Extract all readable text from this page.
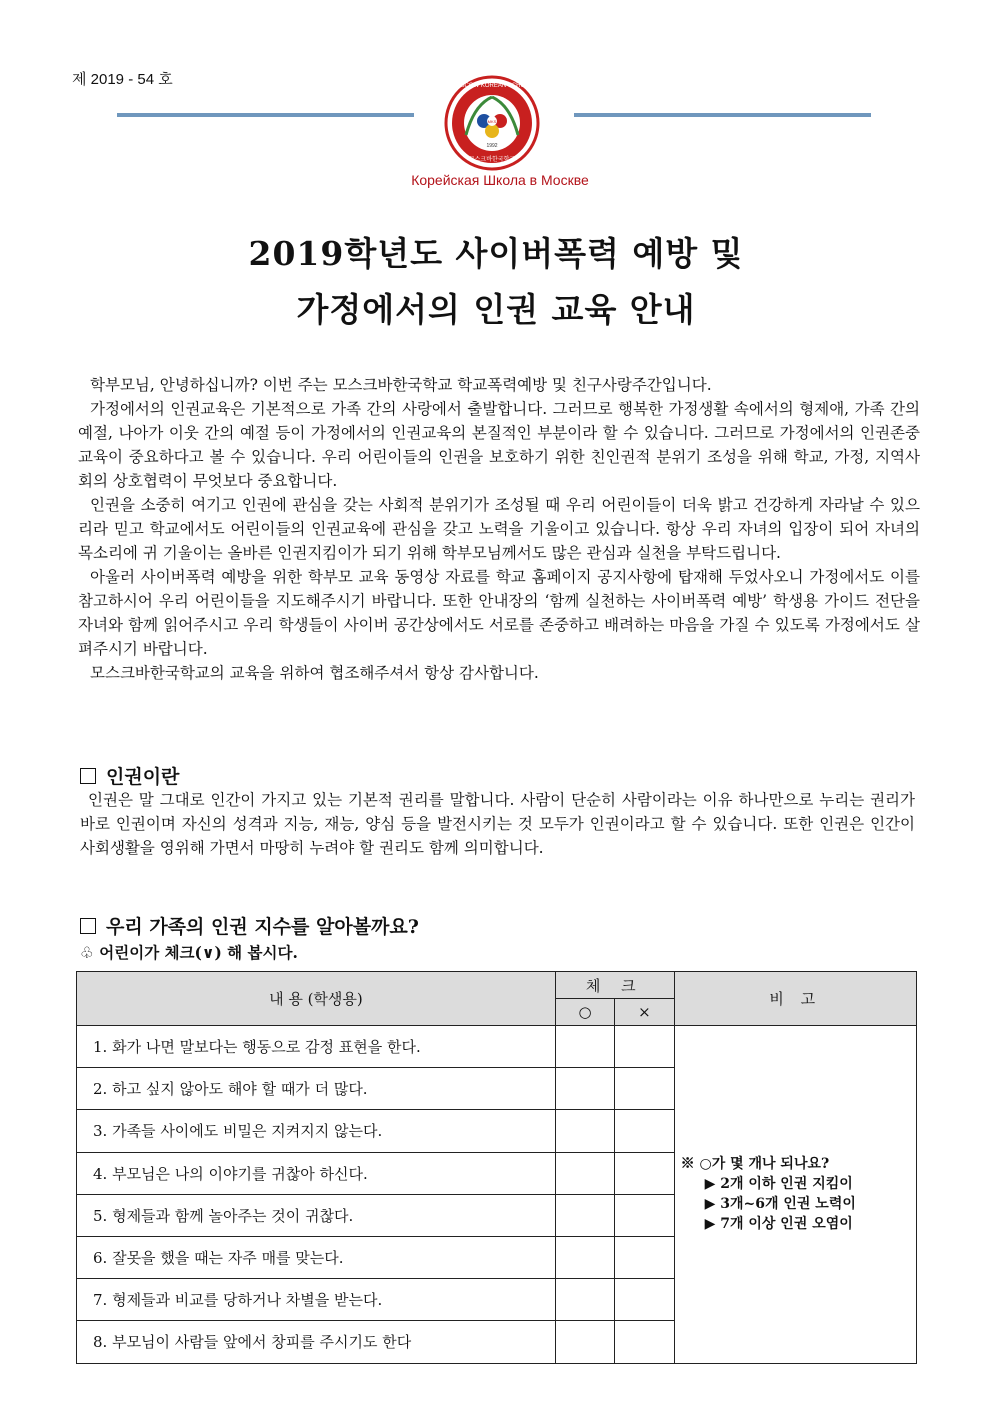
제 2019 - 54 호	MOSCOW KOREAN SCHOOL
MKS
1992
모스크바한국학교
Корейская Школа в Москве
2019학년도 사이버폭력 예방 및
가정에서의 인권 교육 안내

학부모님, 안녕하십니까? 이번 주는 모스크바한국학교 학교폭력예방 및 친구사랑주간입니다.

가정에서의 인권교육은 기본적으로 가족 간의 사랑에서 출발합니다. 그러므로 행복한 가정생활 속에서의 형제애, 가족 간의 예절, 나아가 이웃 간의 예절 등이 가정에서의 인권교육의 본질적인 부분이라 할 수 있습니다. 그러므로 가정에서의 인권존중 교육이 중요하다고 볼 수 있습니다. 우리 어린이들의 인권을 보호하기 위한 친인권적 분위기 조성을 위해 학교, 가정, 지역사회의 상호협력이 무엇보다 중요합니다.

인권을 소중히 여기고 인권에 관심을 갖는 사회적 분위기가 조성될 때 우리 어린이들이 더욱 밝고 건강하게 자라날 수 있으리라 믿고 학교에서도 어린이들의 인권교육에 관심을 갖고 노력을 기울이고 있습니다. 항상 우리 자녀의 입장이 되어 자녀의 목소리에 귀 기울이는 올바른 인권지킴이가 되기 위해 학부모님께서도 많은 관심과 실천을 부탁드립니다.

아울러 사이버폭력 예방을 위한 학부모 교육 동영상 자료를 학교 홈페이지 공지사항에 탑재해 두었사오니 가정에서도 이를 참고하시어 우리 어린이들을 지도해주시기 바랍니다. 또한 안내장의 ‘함께 실천하는 사이버폭력 예방’ 학생용 가이드 전단을 자녀와 함께 읽어주시고 우리 학생들이 사이버 공간상에서도 서로를 존중하고 배려하는 마음을 가질 수 있도록 가정에서도 살펴주시기 바랍니다.

모스크바한국학교의 교육을 위하여 협조해주셔서 항상 감사합니다.

인권이란

인권은 말 그대로 인간이 가지고 있는 기본적 권리를 말합니다. 사람이 단순히 사람이라는 이유 하나만으로 누리는 권리가 바로 인권이며 자신의 성격과 지능, 재능, 양심 등을 발전시키는 것 모두가 인권이라고 할 수 있습니다. 또한 인권은 인간이 사회생활을 영위해 가면서 마땅히 누려야 할 권리도 함께 의미합니다.

우리 가족의 인권 지수를 알아볼까요?
♧ 어린이가 체크(∨) 해 봅시다.
내 용 (학생용)	체 크		비 고
	○	×	
1. 화가 나면 말보다는 행동으로 감정 표현을 한다.			※ ○가 몇 개나 되나요?
▶ 2개 이하 인권 지킴이
▶ 3개~6개 인권 노력이
▶ 7개 이상 인권 오염이

2. 하고 싶지 않아도 해야 할 때가 더 많다.			
3. 가족들 사이에도 비밀은 지켜지지 않는다.			
4. 부모님은 나의 이야기를 귀찮아 하신다.			
5. 형제들과 함께 놀아주는 것이 귀찮다.			
6. 잘못을 했을 때는 자주 매를 맞는다.			
7. 형제들과 비교를 당하거나 차별을 받는다.			
8. 부모님이 사람들 앞에서 창피를 주시기도 한다			
